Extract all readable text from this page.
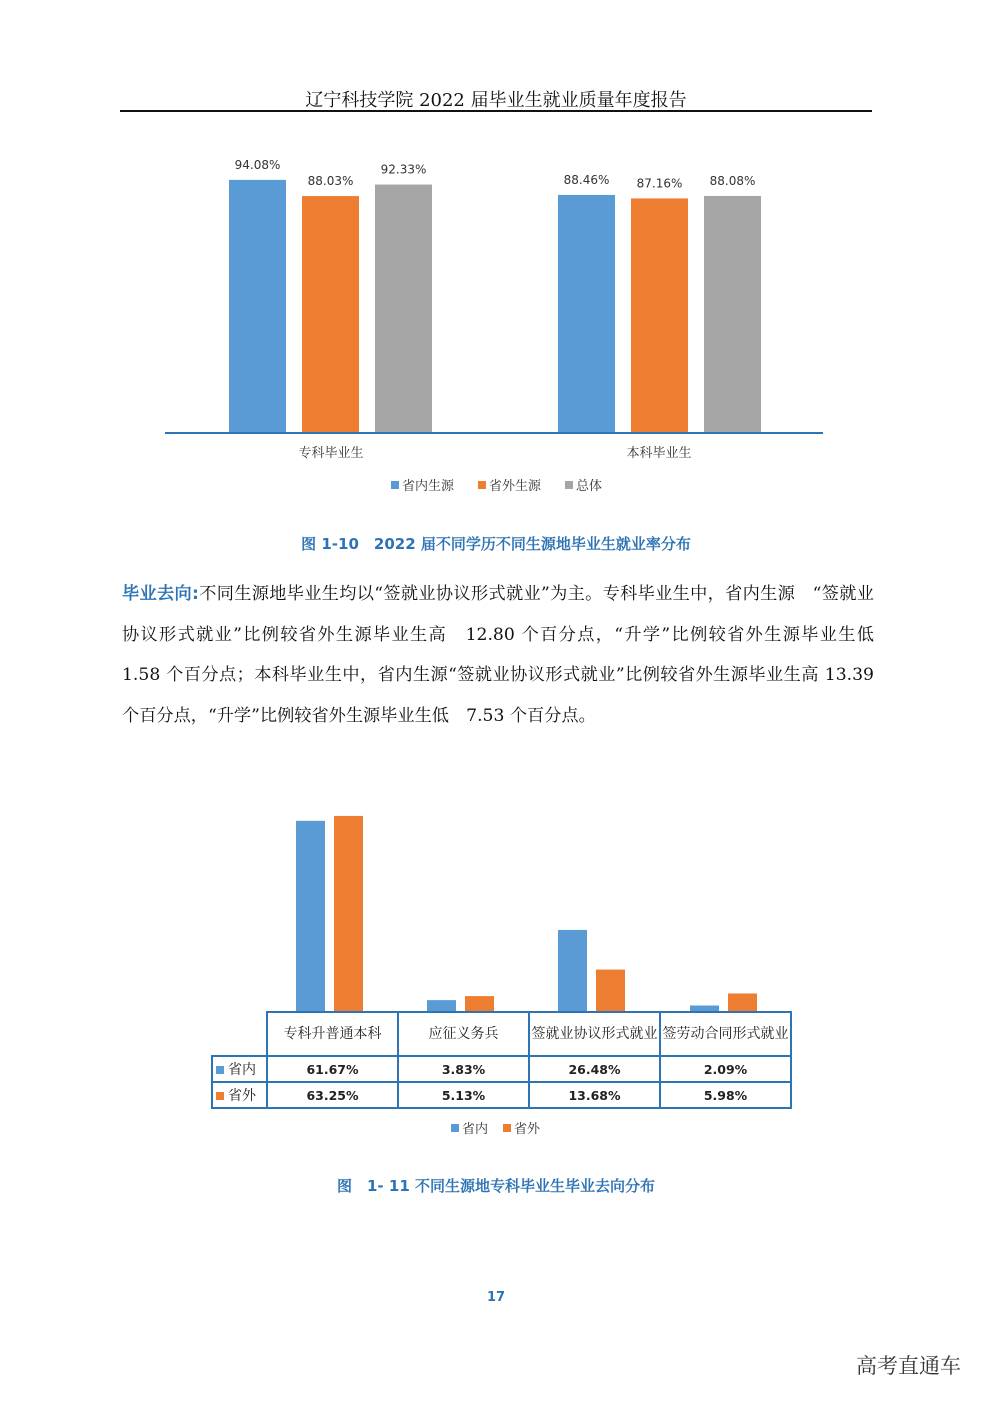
辽宁科技学院 2022 届毕业生就业质量年度报告
94.08%
88.03%
92.33%
88.46% 87.16% 88.08%
专科毕业生	本科毕业生
省内生源	省外生源	总体
图 1-10　2022 届不同学历不同生源地毕业生就业率分布
毕业去向:不同生源地毕业生均以“签就业协议形式就业”为主。专科毕业生中，省内生源　“签就业协议形式就业”比例较省外生源毕业生高　12.80 个百分点，“升学”比例较省外生源毕业生低　1.58 个百分点；本科毕业生中，省内生源“签就业协议形式就业”比例较省外生源毕业生高 13.39 个百分点，“升学”比例较省外生源毕业生低　7.53 个百分点。
	专科升普通本科	应征义务兵	签就业协议形式就业	签劳动合同形式就业
省内	61.67%	3.83%	26.48%	2.09%
省外	63.25%	5.13%	13.68%	5.98%
省内 省外
图　1- 11 不同生源地专科毕业生毕业去向分布
17
高考直通车
